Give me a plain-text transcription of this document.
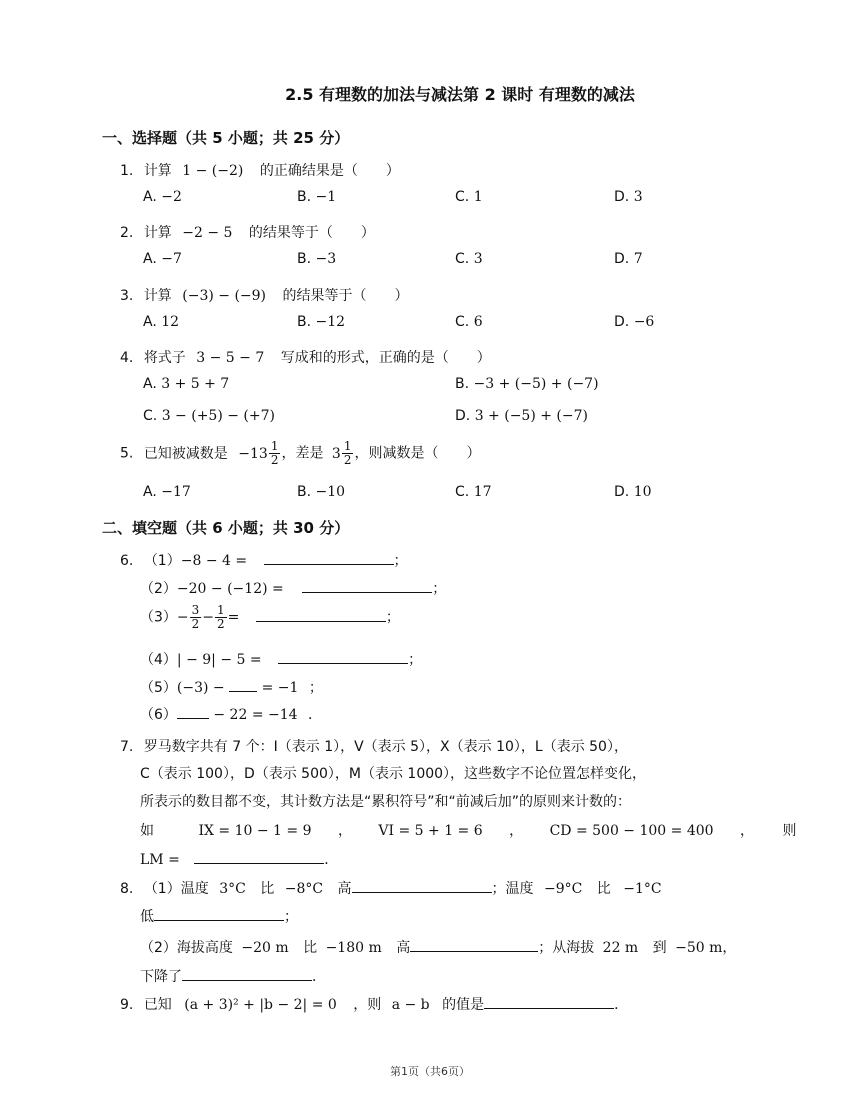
2.5 有理数的加法与减法第 2 课时 有理数的减法
一、选择题（共 5 小题；共 25 分）
1. 计算 1 − (−2) 的正确结果是（　　）
A. −2	B. −1	C. 1	D. 3
2. 计算 −2 − 5 的结果等于（　　）
A. −7	B. −3	C. 3	D. 7
3. 计算 (−3) − (−9) 的结果等于（　　）
A. 12	B. −12	C. 6	D. −6
4. 将式子 3 − 5 − 7 写成和的形式，正确的是（　　）
A. 3 + 5 + 7	B. −3 + (−5) + (−7)
C. 3 − (+5) − (+7)	D. 3 + (−5) + (−7)
5. 已知被减数是 $-13 \frac{1}{2}$ ，差是 $3 \frac{1}{2}$ ，则减数是（　　）
A. −17	B. −10	C. 17	D. 10
二、填空题（共 6 小题；共 30 分）
6. （1）−8 − 4 =	；
（2）−20 − (−12) =	；
$(3)- \frac{3}{2} - \frac{1}{2}$ =	；
（4）| − 9| − 5 =	；
（5）(−3) −	= −1 ；
（6）	− 22 = −14 ．
7. 罗马数字共有 7 个：I（表示 1），V（表示 5），X（表示 10），L（表示 50），
C（表示 100），D（表示 500），M（表示 1000），这些数字不论位置怎样变化，
所表示的数目都不变，其计数方法是“累积符号”和“前减后加”的原则来计数的：
如	IX = 10 − 1 = 9 ， VI = 5 + 1 = 6 ， CD = 500 − 100 = 400 ， 则
LM =	．
8. （1）温度 3°C 比 −8°C 高	；温度 −9°C 比 −1°C
低	；
（2）海拔高度 −20 m 比 −180 m 高	；从海拔 22 m 到 −50 m，
下降了	．
9. 已知 (a + 3)² + |b − 2| = 0 ，则 a − b 的值是	．
第1页（共6页）
